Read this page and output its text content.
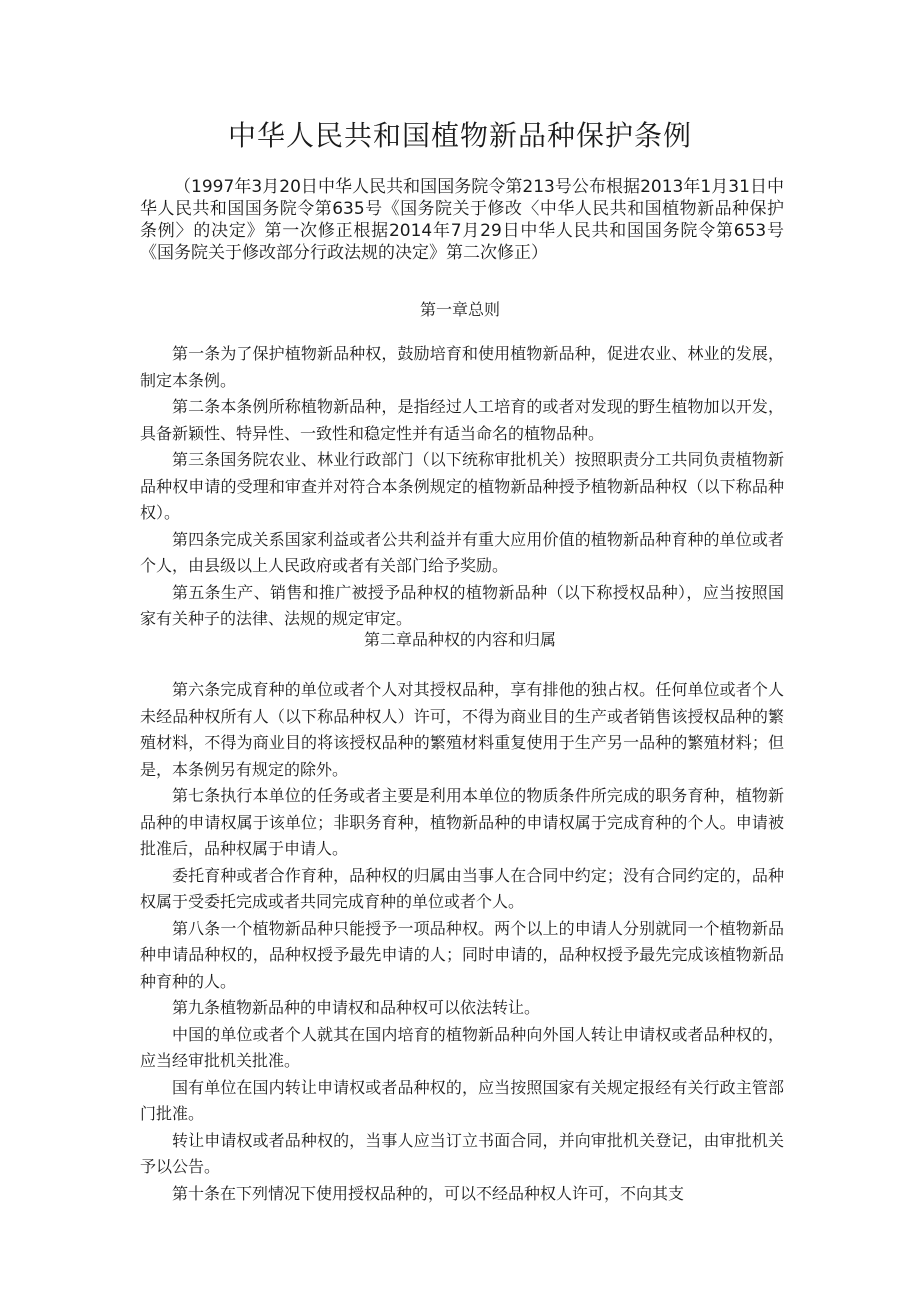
中华人民共和国植物新品种保护条例

（1997年3月20日中华人民共和国国务院令第213号公布根据2013年1月31日中华人民共和国国务院令第635号《国务院关于修改〈中华人民共和国植物新品种保护条例〉的决定》第一次修正根据2014年7月29日中华人民共和国国务院令第653号《国务院关于修改部分行政法规的决定》第二次修正）

第一章总则

第一条为了保护植物新品种权，鼓励培育和使用植物新品种，促进农业、林业的发展，制定本条例。

第二条本条例所称植物新品种，是指经过人工培育的或者对发现的野生植物加以开发，具备新颖性、特异性、一致性和稳定性并有适当命名的植物品种。

第三条国务院农业、林业行政部门（以下统称审批机关）按照职责分工共同负责植物新品种权申请的受理和审查并对符合本条例规定的植物新品种授予植物新品种权（以下称品种权）。

第四条完成关系国家利益或者公共利益并有重大应用价值的植物新品种育种的单位或者个人，由县级以上人民政府或者有关部门给予奖励。

第五条生产、销售和推广被授予品种权的植物新品种（以下称授权品种），应当按照国家有关种子的法律、法规的规定审定。

第二章品种权的内容和归属

第六条完成育种的单位或者个人对其授权品种，享有排他的独占权。任何单位或者个人未经品种权所有人（以下称品种权人）许可，不得为商业目的生产或者销售该授权品种的繁殖材料，不得为商业目的将该授权品种的繁殖材料重复使用于生产另一品种的繁殖材料；但是，本条例另有规定的除外。

第七条执行本单位的任务或者主要是利用本单位的物质条件所完成的职务育种，植物新品种的申请权属于该单位；非职务育种，植物新品种的申请权属于完成育种的个人。申请被批准后，品种权属于申请人。

委托育种或者合作育种，品种权的归属由当事人在合同中约定；没有合同约定的，品种权属于受委托完成或者共同完成育种的单位或者个人。

第八条一个植物新品种只能授予一项品种权。两个以上的申请人分别就同一个植物新品种申请品种权的，品种权授予最先申请的人；同时申请的，品种权授予最先完成该植物新品种育种的人。

第九条植物新品种的申请权和品种权可以依法转让。

中国的单位或者个人就其在国内培育的植物新品种向外国人转让申请权或者品种权的，应当经审批机关批准。

国有单位在国内转让申请权或者品种权的，应当按照国家有关规定报经有关行政主管部门批准。

转让申请权或者品种权的，当事人应当订立书面合同，并向审批机关登记，由审批机关予以公告。

第十条在下列情况下使用授权品种的，可以不经品种权人许可，不向其支
